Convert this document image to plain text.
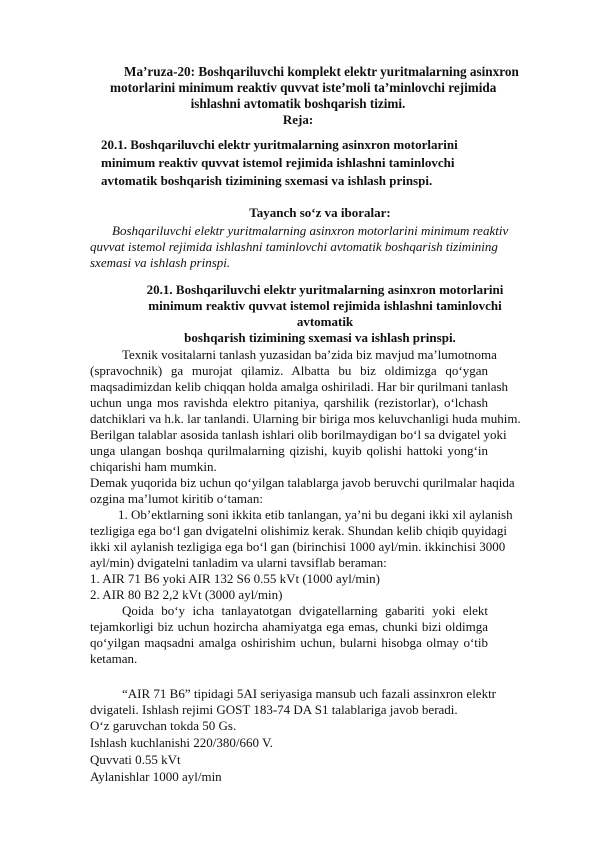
Ma’ruza-20: Boshqariluvchi komplekt elektr yuritmalarning asinxron
motorlarini minimum reaktiv quvvat iste’moli ta’minlovchi rejimida
ishlashni avtomatik boshqarish tizimi.
Reja:
20.1. Boshqariluvchi elektr yuritmalarning asinxron motorlarini
minimum reaktiv quvvat istemol rejimida ishlashni taminlovchi
avtomatik boshqarish tizimining sxemasi va ishlash prinspi.
Tayanch so‘z va iboralar:
Boshqariluvchi elektr yuritmalarning asinxron motorlarini minimum reaktiv
quvvat istemol rejimida ishlashni taminlovchi avtomatik boshqarish tizimining
sxemasi va ishlash prinspi.
20.1. Boshqariluvchi elektr yuritmalarning asinxron motorlarini
minimum reaktiv quvvat istemol rejimida ishlashni taminlovchi
avtomatik
boshqarish tizimining sxemasi va ishlash prinspi.
Texnik vositalarni tanlash yuzasidan ba’zida biz mavjud ma’lumotnoma
(spravochnik) ga murojat qilamiz. Albatta bu biz oldimizga qo‘ygan
maqsadimizdan kelib chiqqan holda amalga oshiriladi. Har bir qurilmani tanlash
uchun unga mos ravishda elektro pitaniya, qarshilik (rezistorlar), o‘lchash
datchiklari va h.k. lar tanlandi. Ularning bir biriga mos keluvchanligi huda muhim.
Berilgan talablar asosida tanlash ishlari olib borilmaydigan bo‘l sa dvigatel yoki
unga ulangan boshqa qurilmalarning qizishi, kuyib qolishi hattoki yong‘in
chiqarishi ham mumkin.
Demak yuqorida biz uchun qo‘yilgan talablarga javob beruvchi qurilmalar haqida
ozgina ma’lumot kiritib o‘taman:
1. Ob’ektlarning soni ikkita etib tanlangan, ya’ni bu degani ikki xil aylanish
tezligiga ega bo‘l gan dvigatelni olishimiz kerak. Shundan kelib chiqib quyidagi
ikki xil aylanish tezligiga ega bo‘l gan (birinchisi 1000 ayl/min. ikkinchisi 3000
ayl/min) dvigatelni tanladim va ularni tavsiflab beraman:
1. AIR 71 B6 yoki AIR 132 S6 0.55 kVt (1000 ayl/min)
2. AIR 80 B2 2,2 kVt (3000 ayl/min)
Qoida bo‘y icha tanlayatotgan dvigatellarning gabariti yoki elekt
tejamkorligi biz uchun hozircha ahamiyatga ega emas, chunki bizi oldimga
qo‘yilgan maqsadni amalga oshirishim uchun, bularni hisobga olmay o‘tib
ketaman.
“AIR 71 B6” tipidagi 5AI seriyasiga mansub uch fazali assinxron elektr
dvigateli. Ishlash rejimi GOST 183-74 DA S1 talablariga javob beradi.
O‘z garuvchan tokda 50 Gs.
Ishlash kuchlanishi 220/380/660 V.
Quvvati 0.55 kVt
Aylanishlar 1000 ayl/min
